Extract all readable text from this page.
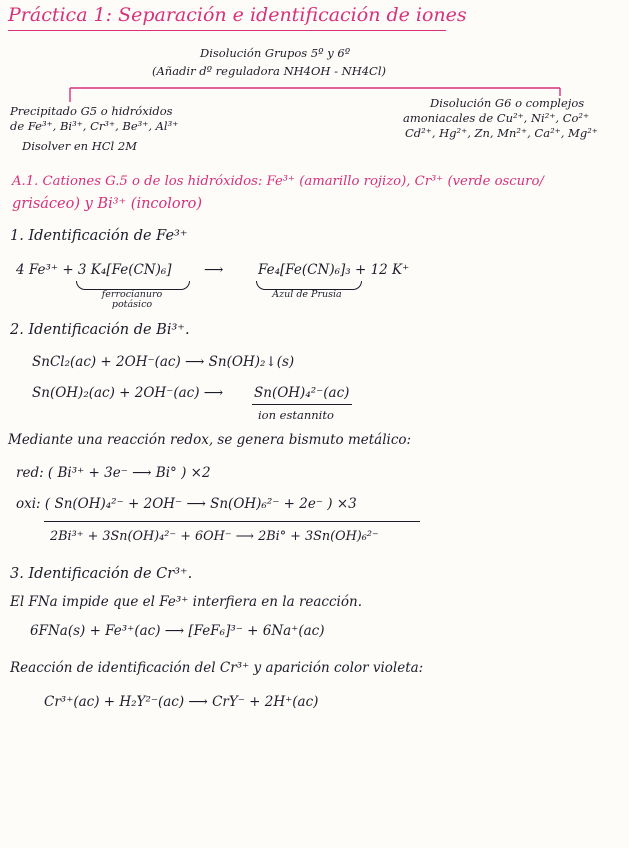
Práctica 1: Separación e identificación de iones
Disolución Grupos 5º y 6º
(Añadir dº reguladora NH4OH - NH4Cl)
Precipitado G5 o hidróxidos
de Fe³⁺, Bi³⁺, Cr³⁺, Be³⁺, Al³⁺
Disolver en HCl 2M
Disolución G6 o complejos
amoniacales de Cu²⁺, Ni²⁺, Co²⁺
Cd²⁺, Hg²⁺, Zn, Mn²⁺, Ca²⁺, Mg²⁺
A.1. Cationes G.5 o de los hidróxidos: Fe³⁺ (amarillo rojizo), Cr³⁺ (verde oscuro/
grisáceo) y Bi³⁺ (incoloro)
1. Identificación de Fe³⁺
4 Fe³⁺ + 3 K₄[Fe(CN)₆] ⟶	Fe₄[Fe(CN)₆]₃ + 12 K⁺
ferrocianuro potásico
Azul de Prusia
2. Identificación de Bi³⁺.
SnCl₂(ac) + 2OH⁻(ac) ⟶ Sn(OH)₂↓(s)
Sn(OH)₂(ac) + 2OH⁻(ac) ⟶ Sn(OH)₄²⁻(ac)
ion estannito
Mediante una reacción redox, se genera bismuto metálico:
red: ( Bi³⁺ + 3e⁻ ⟶ Bi° ) ×2
oxi: ( Sn(OH)₄²⁻ + 2OH⁻ ⟶ Sn(OH)₆²⁻ + 2e⁻ ) ×3
2Bi³⁺ + 3Sn(OH)₄²⁻ + 6OH⁻ ⟶ 2Bi° + 3Sn(OH)₆²⁻
3. Identificación de Cr³⁺.
El FNa impide que el Fe³⁺ interfiera en la reacción.
6FNa(s) + Fe³⁺(ac) ⟶ [FeF₆]³⁻ + 6Na⁺(ac)
Reacción de identificación del Cr³⁺ y aparición color violeta:
Cr³⁺(ac) + H₂Y²⁻(ac) ⟶ CrY⁻ + 2H⁺(ac)
